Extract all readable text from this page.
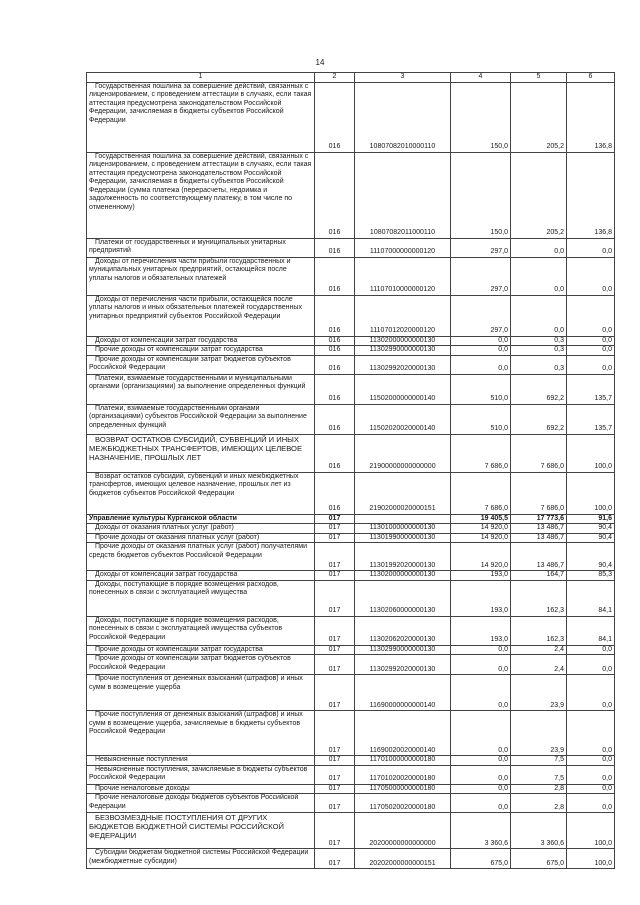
14
1	2	3	4	5	6
Государственная пошлина за совершение действий, связанных с лицензированием, с проведением аттестации в случаях, если такая аттестация предусмотрена законодательством Российской Федерации, зачисляемая в бюджеты субъектов Российской Федерации	016	10807082010000110	150,0	205,2	136,8
Государственная пошлина за совершение действий, связанных с лицензированием, с проведением аттестации в случаях, если такая аттестация предусмотрена законодательством Российской Федерации, зачисляемая в бюджеты субъектов Российской Федерации (сумма платежа (перерасчеты, недоимка и задолженность по соответствующему платежу, в том числе по отмененному)	016	10807082011000110	150,0	205,2	136,8
Платежи от государственных и муниципальных унитарных предприятий	016	11107000000000120	297,0	0,0	0,0
Доходы от перечисления части прибыли государственных и муниципальных унитарных предприятий, остающейся после уплаты налогов и обязательных платежей	016	11107010000000120	297,0	0,0	0,0
Доходы от перечисления части прибыли, остающейся после уплаты налогов и иных обязательных платежей государственных унитарных предприятий субъектов Российской Федерации	016	11107012020000120	297,0	0,0	0,0
Доходы от компенсации затрат государства	016	11302000000000130	0,0	0,3	0,0
Прочие доходы от компенсации затрат государства	016	11302990000000130	0,0	0,3	0,0
Прочие доходы от компенсации затрат бюджетов субъектов Российской Федерации	016	11302992020000130	0,0	0,3	0,0
Платежи, взимаемые государственными и муниципальными органами (организациями) за выполнение определенных функций	016	11502000000000140	510,0	692,2	135,7
Платежи, взимаемые государственными органами (организациями) субъектов Российской Федерации за выполнение определенных функций	016	11502020020000140	510,0	692,2	135,7
ВОЗВРАТ ОСТАТКОВ СУБСИДИЙ, СУБВЕНЦИЙ И ИНЫХ МЕЖБЮДЖЕТНЫХ ТРАНСФЕРТОВ, ИМЕЮЩИХ ЦЕЛЕВОЕ НАЗНАЧЕНИЕ, ПРОШЛЫХ ЛЕТ	016	21900000000000000	7 686,0	7 686,0	100,0
Возврат остатков субсидий, субвенций и иных межбюджетных трансфертов, имеющих целевое назначение, прошлых лет из бюджетов субъектов Российской Федерации	016	21902000020000151	7 686,0	7 686,0	100,0
Управление культуры Курганской области	017		19 405,5	17 773,6	91,6
Доходы от оказания платных услуг (работ)	017	11301000000000130	14 920,0	13 486,7	90,4
Прочие доходы от оказания платных услуг (работ)	017	11301990000000130	14 920,0	13 486,7	90,4
Прочие доходы от оказания платных услуг (работ) получателями средств бюджетов субъектов Российской Федерации	017	11301992020000130	14 920,0	13 486,7	90,4
Доходы от компенсации затрат государства	017	11302000000000130	193,0	164,7	85,3
Доходы, поступающие в порядке возмещения расходов, понесенных в связи с эксплуатацией имущества	017	11302060000000130	193,0	162,3	84,1
Доходы, поступающие в порядке возмещения расходов, понесенных в связи с эксплуатацией имущества субъектов Российской Федерации	017	11302062020000130	193,0	162,3	84,1
Прочие доходы от компенсации затрат государства	017	11302990000000130	0,0	2,4	0,0
Прочие доходы от компенсации затрат бюджетов субъектов Российской Федерации	017	11302992020000130	0,0	2,4	0,0
Прочие поступления от денежных взысканий (штрафов) и иных сумм в возмещение ущерба	017	11690000000000140	0,0	23,9	0,0
Прочие поступления от денежных взысканий (штрафов) и иных сумм в возмещение ущерба, зачисляемые в бюджеты субъектов Российской Федерации	017	11690020020000140	0,0	23,9	0,0
Невыясненные поступления	017	11701000000000180	0,0	7,5	0,0
Невыясненные поступления, зачисляемые в бюджеты субъектов Российской Федерации	017	11701020020000180	0,0	7,5	0,0
Прочие неналоговые доходы	017	11705000000000180	0,0	2,8	0,0
Прочие неналоговые доходы бюджетов субъектов Российской Федерации	017	11705020020000180	0,0	2,8	0,0
БЕЗВОЗМЕЗДНЫЕ ПОСТУПЛЕНИЯ ОТ ДРУГИХ БЮДЖЕТОВ БЮДЖЕТНОЙ СИСТЕМЫ РОССИЙСКОЙ ФЕДЕРАЦИИ	017	20200000000000000	3 360,6	3 360,6	100,0
Субсидии бюджетам бюджетной системы Российской Федерации (межбюджетные субсидии)	017	20202000000000151	675,0	675,0	100,0
